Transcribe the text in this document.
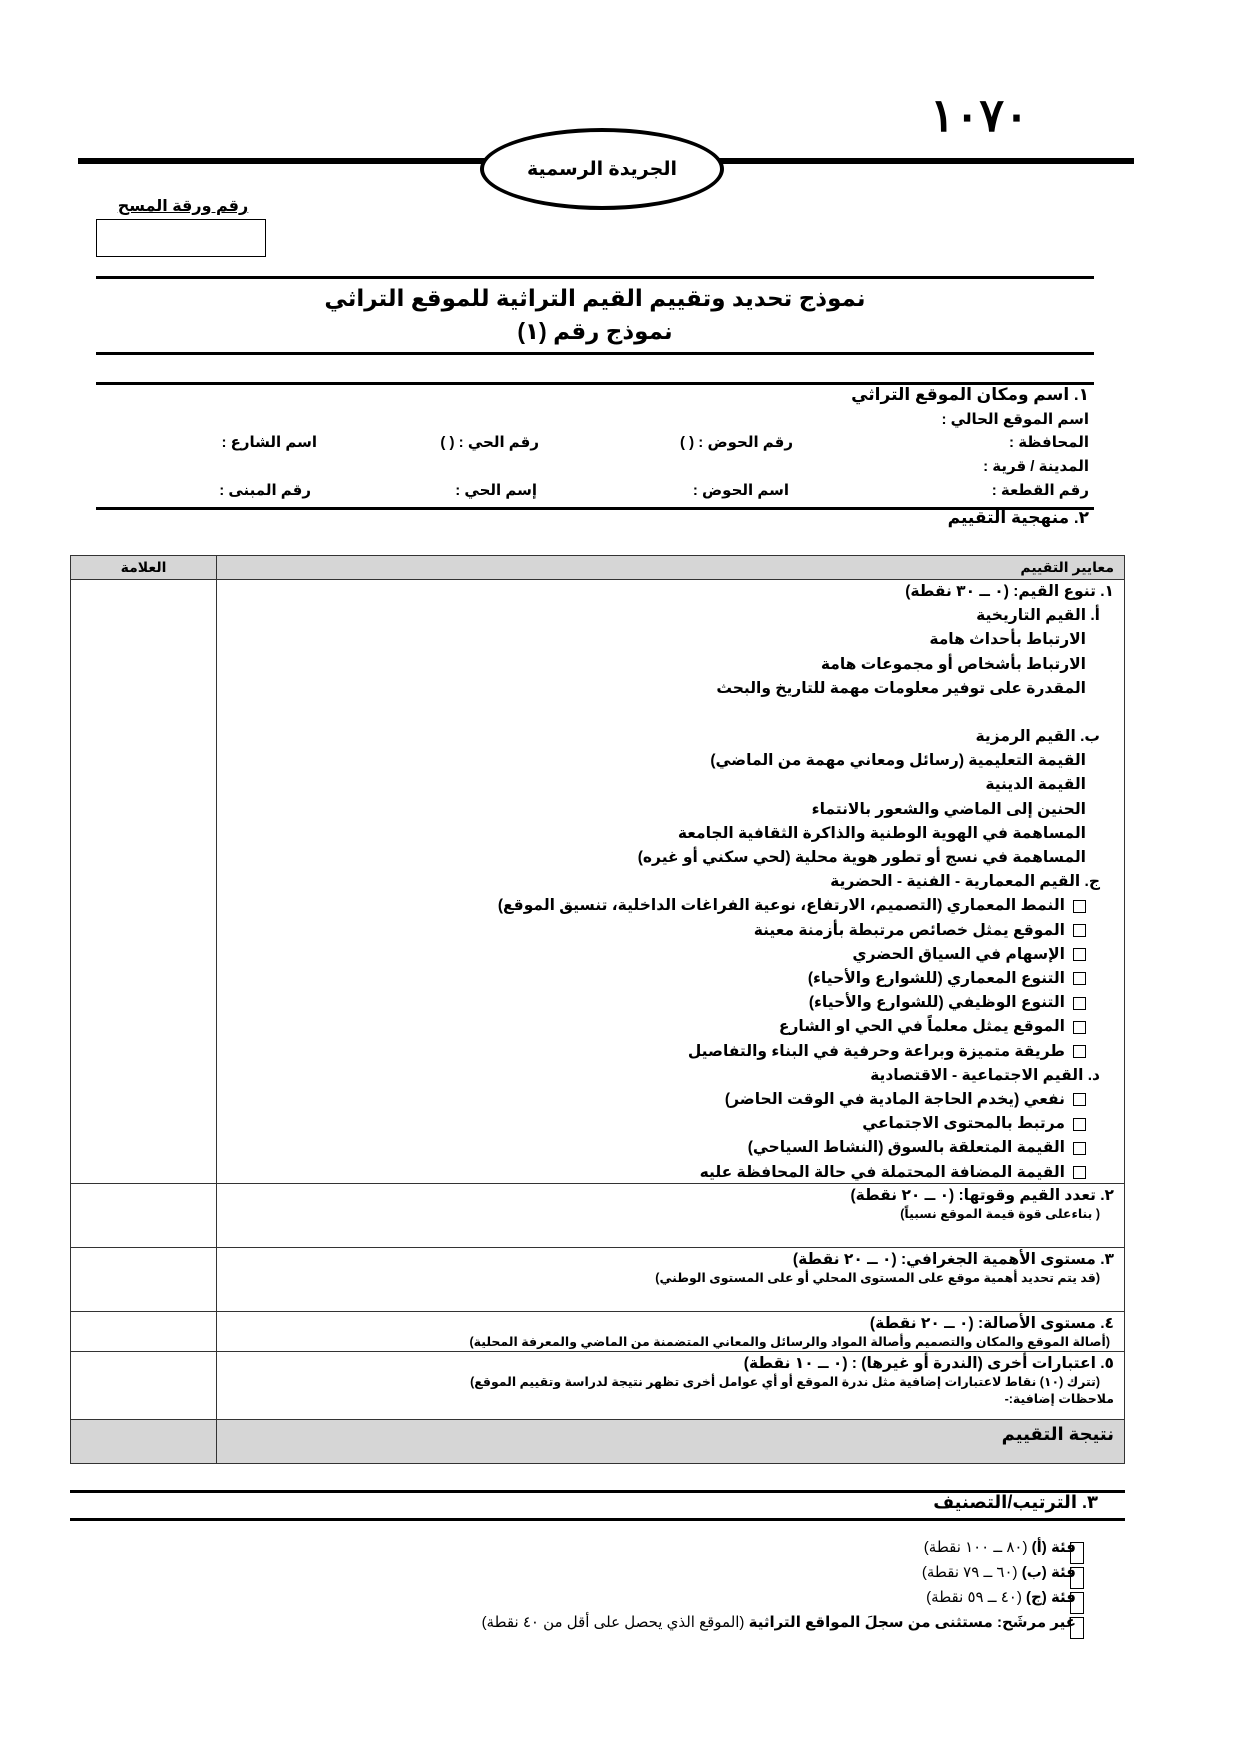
١٠٧٠
الجريدة الرسمية
رقم ورقة المسح
نموذج تحديد وتقييم القيم التراثية للموقع التراثي
نموذج رقم (١)
١. اسم ومكان الموقع التراثي
اسم الموقع الحالي :
المحافظة :
رقم الحوض : ( )
رقم الحي : ( )
اسم الشارع :
المدينة / قرية :
رقم القطعة :
اسم الحوض :
إسم الحي :
رقم المبنى :
٢. منهجية التقييم
العلامة	معايير التقييم
١. تنوع القيم: (٠ ــ ٣٠ نقطة)
أ. القيم التاريخية
الارتباط بأحداث هامة
الارتباط بأشخاص أو مجموعات هامة
المقدرة على توفير معلومات مهمة للتاريخ والبحث
ب. القيم الرمزية
القيمة التعليمية (رسائل ومعاني مهمة من الماضي)
القيمة الدينية
الحنين إلى الماضي والشعور بالانتماء
المساهمة في الهوية الوطنية والذاكرة الثقافية الجامعة
المساهمة في نسج أو تطور هوية محلية (لحي سكني أو غيره)
ج. القيم المعمارية - الفنية - الحضرية
النمط المعماري (التصميم، الارتفاع، نوعية الفراغات الداخلية، تنسيق الموقع)
الموقع يمثل خصائص مرتبطة بأزمنة معينة
الإسهام في السياق الحضري
التنوع المعماري (للشوارع والأحياء)
التنوع الوظيفي (للشوارع والأحياء)
الموقع يمثل معلماً في الحي او الشارع
طريقة متميزة وبراعة وحرفية في البناء والتفاصيل
د. القيم الاجتماعية - الاقتصادية
نفعي (يخدم الحاجة المادية في الوقت الحاضر)
مرتبط بالمحتوى الاجتماعي
القيمة المتعلقة بالسوق (النشاط السياحي)
القيمة المضافة المحتملة في حالة المحافظة عليه
٢. تعدد القيم وقوتها: (٠ ــ ٢٠ نقطة)
( بناءعلى قوة قيمة الموقع نسبياً)
٣. مستوى الأهمية الجغرافي: (٠ ــ ٢٠ نقطة)
(قد يتم تحديد أهمية موقع على المستوى المحلي أو على المستوى الوطني)
٤. مستوى الأصالة: (٠ ــ ٢٠ نقطة)
(أصالة الموقع والمكان والتصميم وأصالة المواد والرسائل والمعاني المتضمنة من الماضي والمعرفة المحلية)
٥. اعتبارات أخرى (الندرة أو غيرها) : (٠ ــ ١٠ نقطة)
(تترك (١٠) نقاط لاعتبارات إضافية مثل ندرة الموقع أو أي عوامل أخرى تظهر نتيجة لدراسة وتقييم الموقع)
ملاحظات إضافية:-
نتيجة التقييم
٣. الترتيب/التصنيف
فئة (أ) (٨٠ ــ ١٠٠ نقطة)
فئة (ب) (٦٠ ــ ٧٩ نقطة)
فئة (ج) (٤٠ ــ ٥٩ نقطة)
غير مرشَح: مستثنى من سجلَ المواقع التراثية (الموقع الذي يحصل على أقل من ٤٠ نقطة)
